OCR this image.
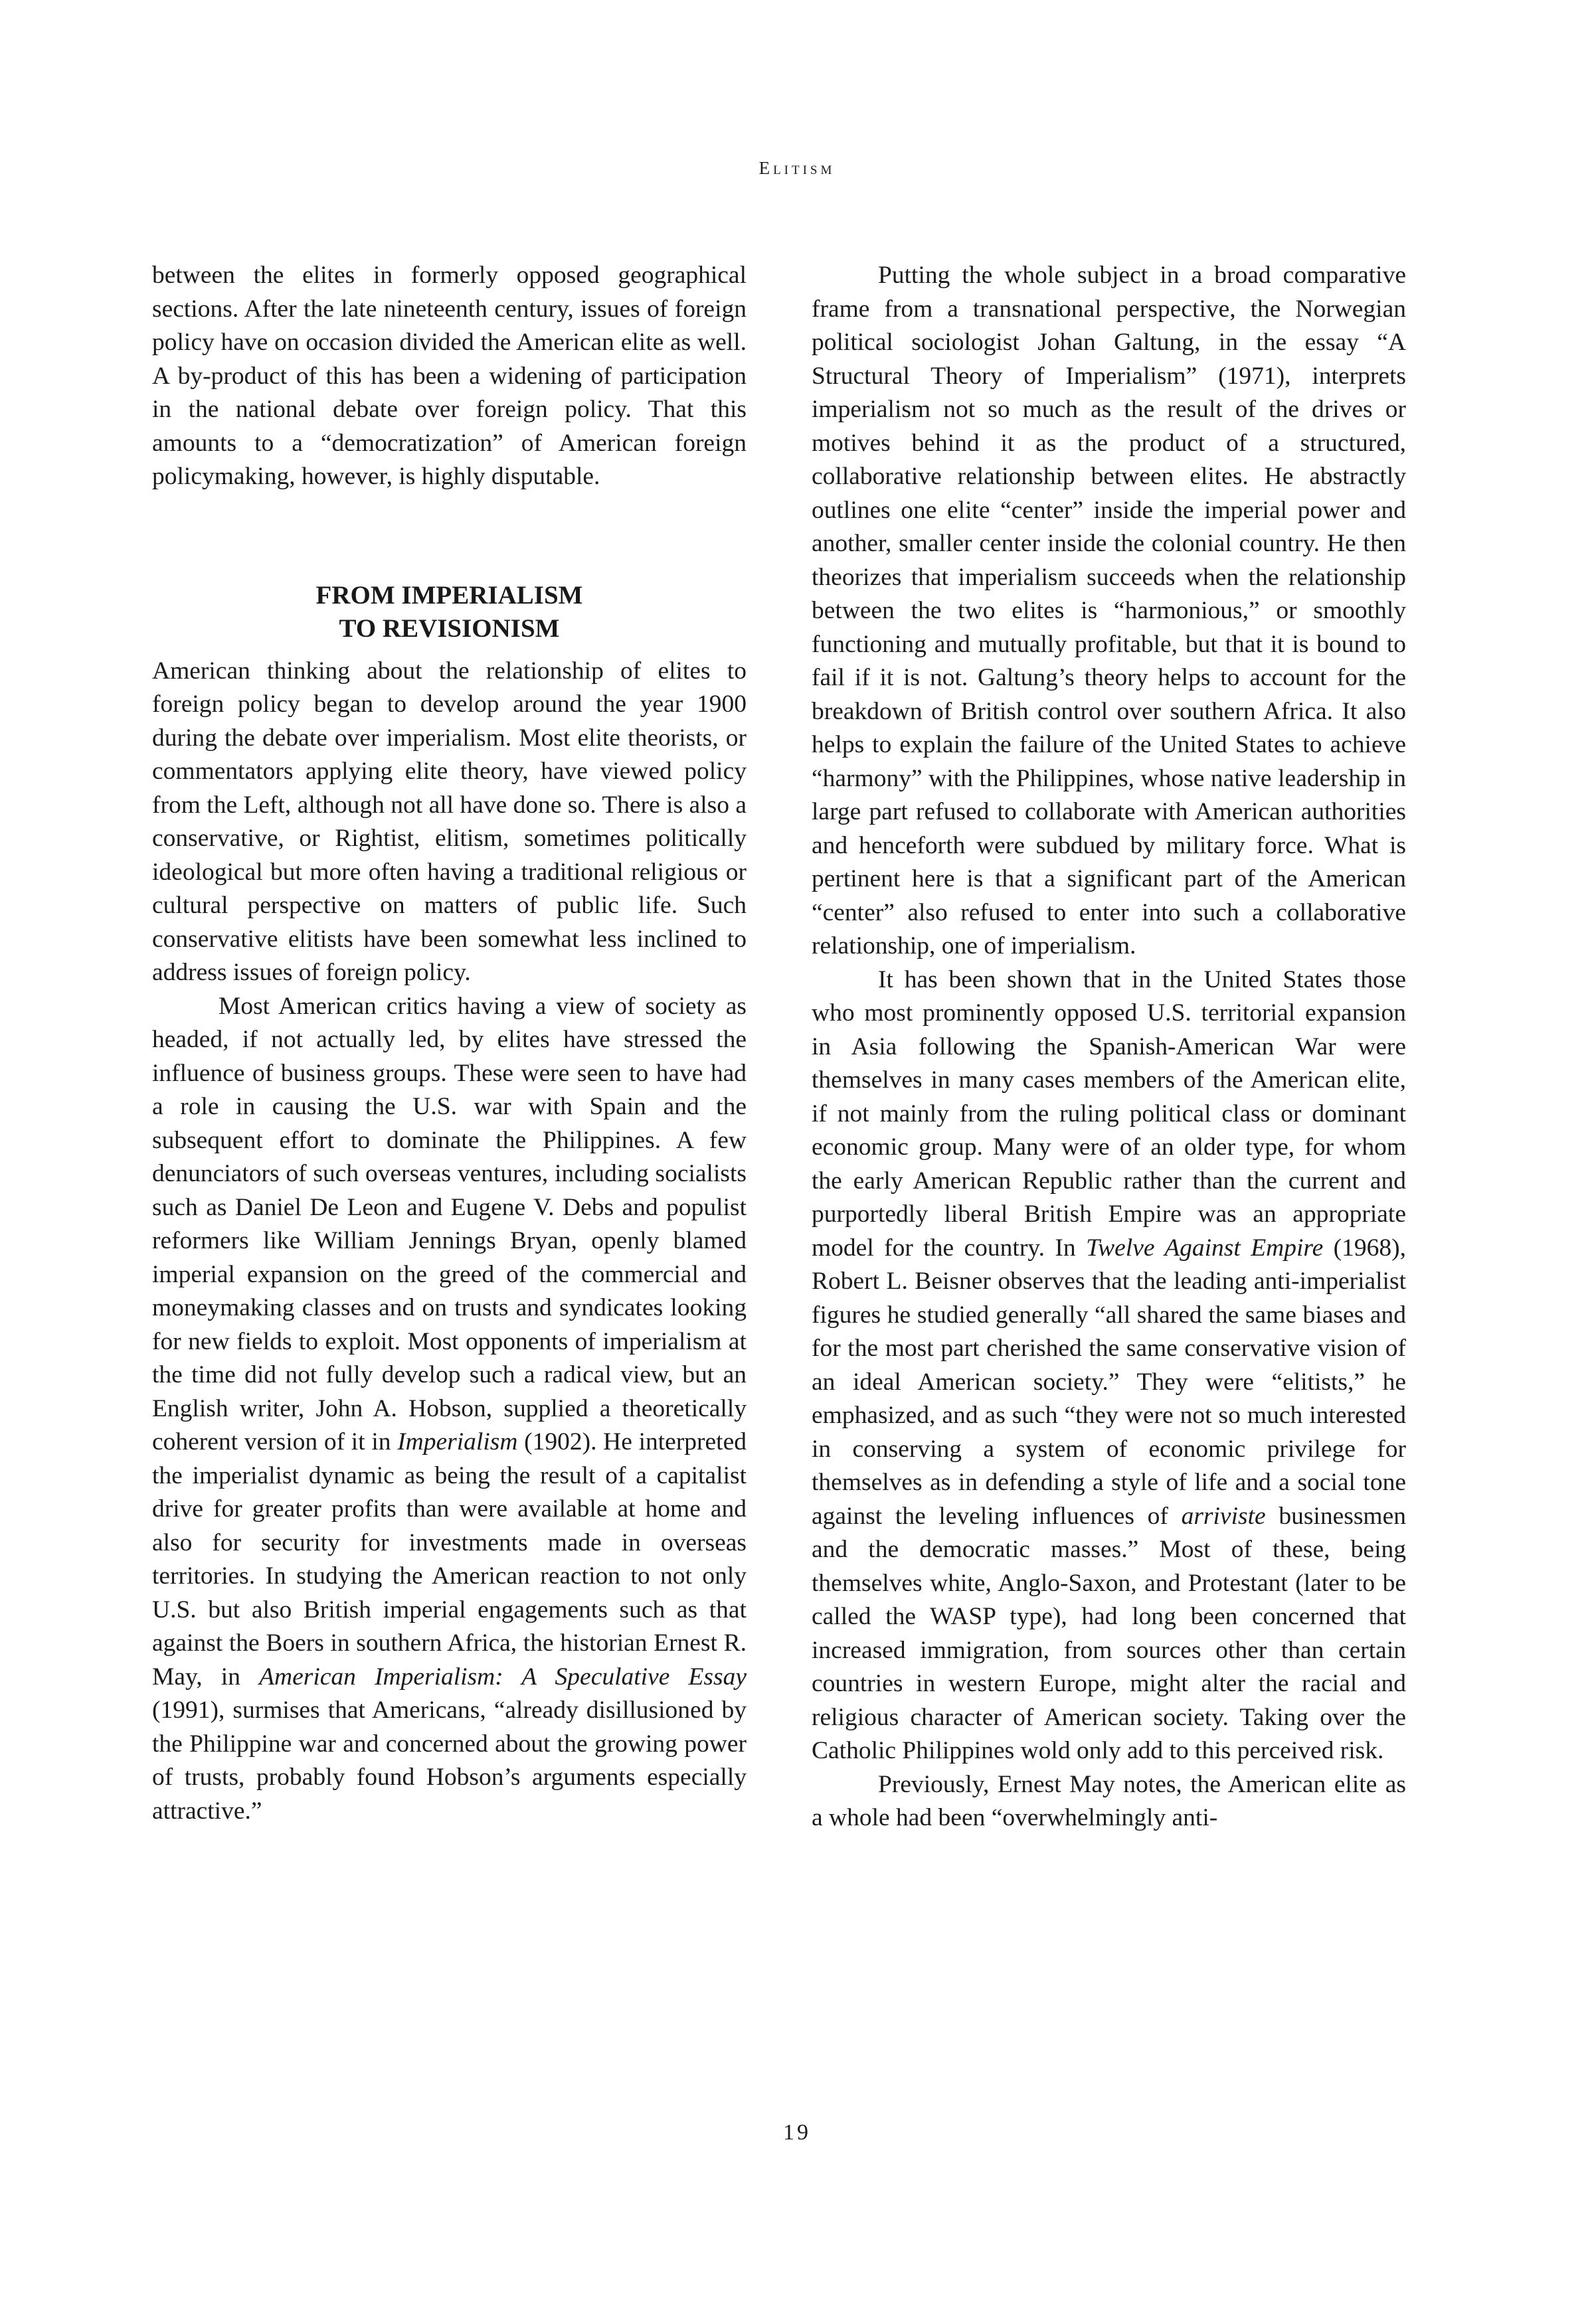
Elitism

between the elites in formerly opposed geographical sections. After the late nineteenth century, issues of foreign policy have on occasion divided the American elite as well. A by-product of this has been a widening of participation in the national debate over foreign policy. That this amounts to a “democratization” of American foreign policymaking, however, is highly disputable.

FROM IMPERIALISM
TO REVISIONISM

American thinking about the relationship of elites to foreign policy began to develop around the year 1900 during the debate over imperialism. Most elite theorists, or commentators applying elite theory, have viewed policy from the Left, although not all have done so. There is also a conservative, or Rightist, elitism, sometimes politically ideological but more often having a traditional religious or cultural perspective on matters of public life. Such conservative elitists have been somewhat less inclined to address issues of foreign policy.

Most American critics having a view of society as headed, if not actually led, by elites have stressed the influence of business groups. These were seen to have had a role in causing the U.S. war with Spain and the subsequent effort to dominate the Philippines. A few denunciators of such overseas ventures, including socialists such as Daniel De Leon and Eugene V. Debs and populist reformers like William Jennings Bryan, openly blamed imperial expansion on the greed of the commercial and moneymaking classes and on trusts and syndicates looking for new fields to exploit. Most opponents of imperialism at the time did not fully develop such a radical view, but an English writer, John A. Hobson, supplied a theoretically coherent version of it in Imperialism (1902). He interpreted the imperialist dynamic as being the result of a capitalist drive for greater profits than were available at home and also for security for investments made in overseas territories. In studying the American reaction to not only U.S. but also British imperial engagements such as that against the Boers in southern Africa, the historian Ernest R. May, in American Imperialism: A Speculative Essay (1991), surmises that Americans, “already disillusioned by the Philippine war and concerned about the growing power of trusts, probably found Hobson’s arguments especially attractive.”

Putting the whole subject in a broad comparative frame from a transnational perspective, the Norwegian political sociologist Johan Galtung, in the essay “A Structural Theory of Imperialism” (1971), interprets imperialism not so much as the result of the drives or motives behind it as the product of a structured, collaborative relationship between elites. He abstractly outlines one elite “center” inside the imperial power and another, smaller center inside the colonial country. He then theorizes that imperialism succeeds when the relationship between the two elites is “harmonious,” or smoothly functioning and mutually profitable, but that it is bound to fail if it is not. Galtung’s theory helps to account for the breakdown of British control over southern Africa. It also helps to explain the failure of the United States to achieve “harmony” with the Philippines, whose native leadership in large part refused to collaborate with American authorities and henceforth were subdued by military force. What is pertinent here is that a significant part of the American “center” also refused to enter into such a collaborative relationship, one of imperialism.

It has been shown that in the United States those who most prominently opposed U.S. territorial expansion in Asia following the Spanish-American War were themselves in many cases members of the American elite, if not mainly from the ruling political class or dominant economic group. Many were of an older type, for whom the early American Republic rather than the current and purportedly liberal British Empire was an appropriate model for the country. In Twelve Against Empire (1968), Robert L. Beisner observes that the leading anti-imperialist figures he studied generally “all shared the same biases and for the most part cherished the same conservative vision of an ideal American society.” They were “elitists,” he emphasized, and as such “they were not so much interested in conserving a system of economic privilege for themselves as in defending a style of life and a social tone against the leveling influences of arriviste businessmen and the democratic masses.” Most of these, being themselves white, Anglo-Saxon, and Protestant (later to be called the WASP type), had long been concerned that increased immigration, from sources other than certain countries in western Europe, might alter the racial and religious character of American society. Taking over the Catholic Philippines wold only add to this perceived risk.

Previously, Ernest May notes, the American elite as a whole had been “overwhelmingly anti-

19
